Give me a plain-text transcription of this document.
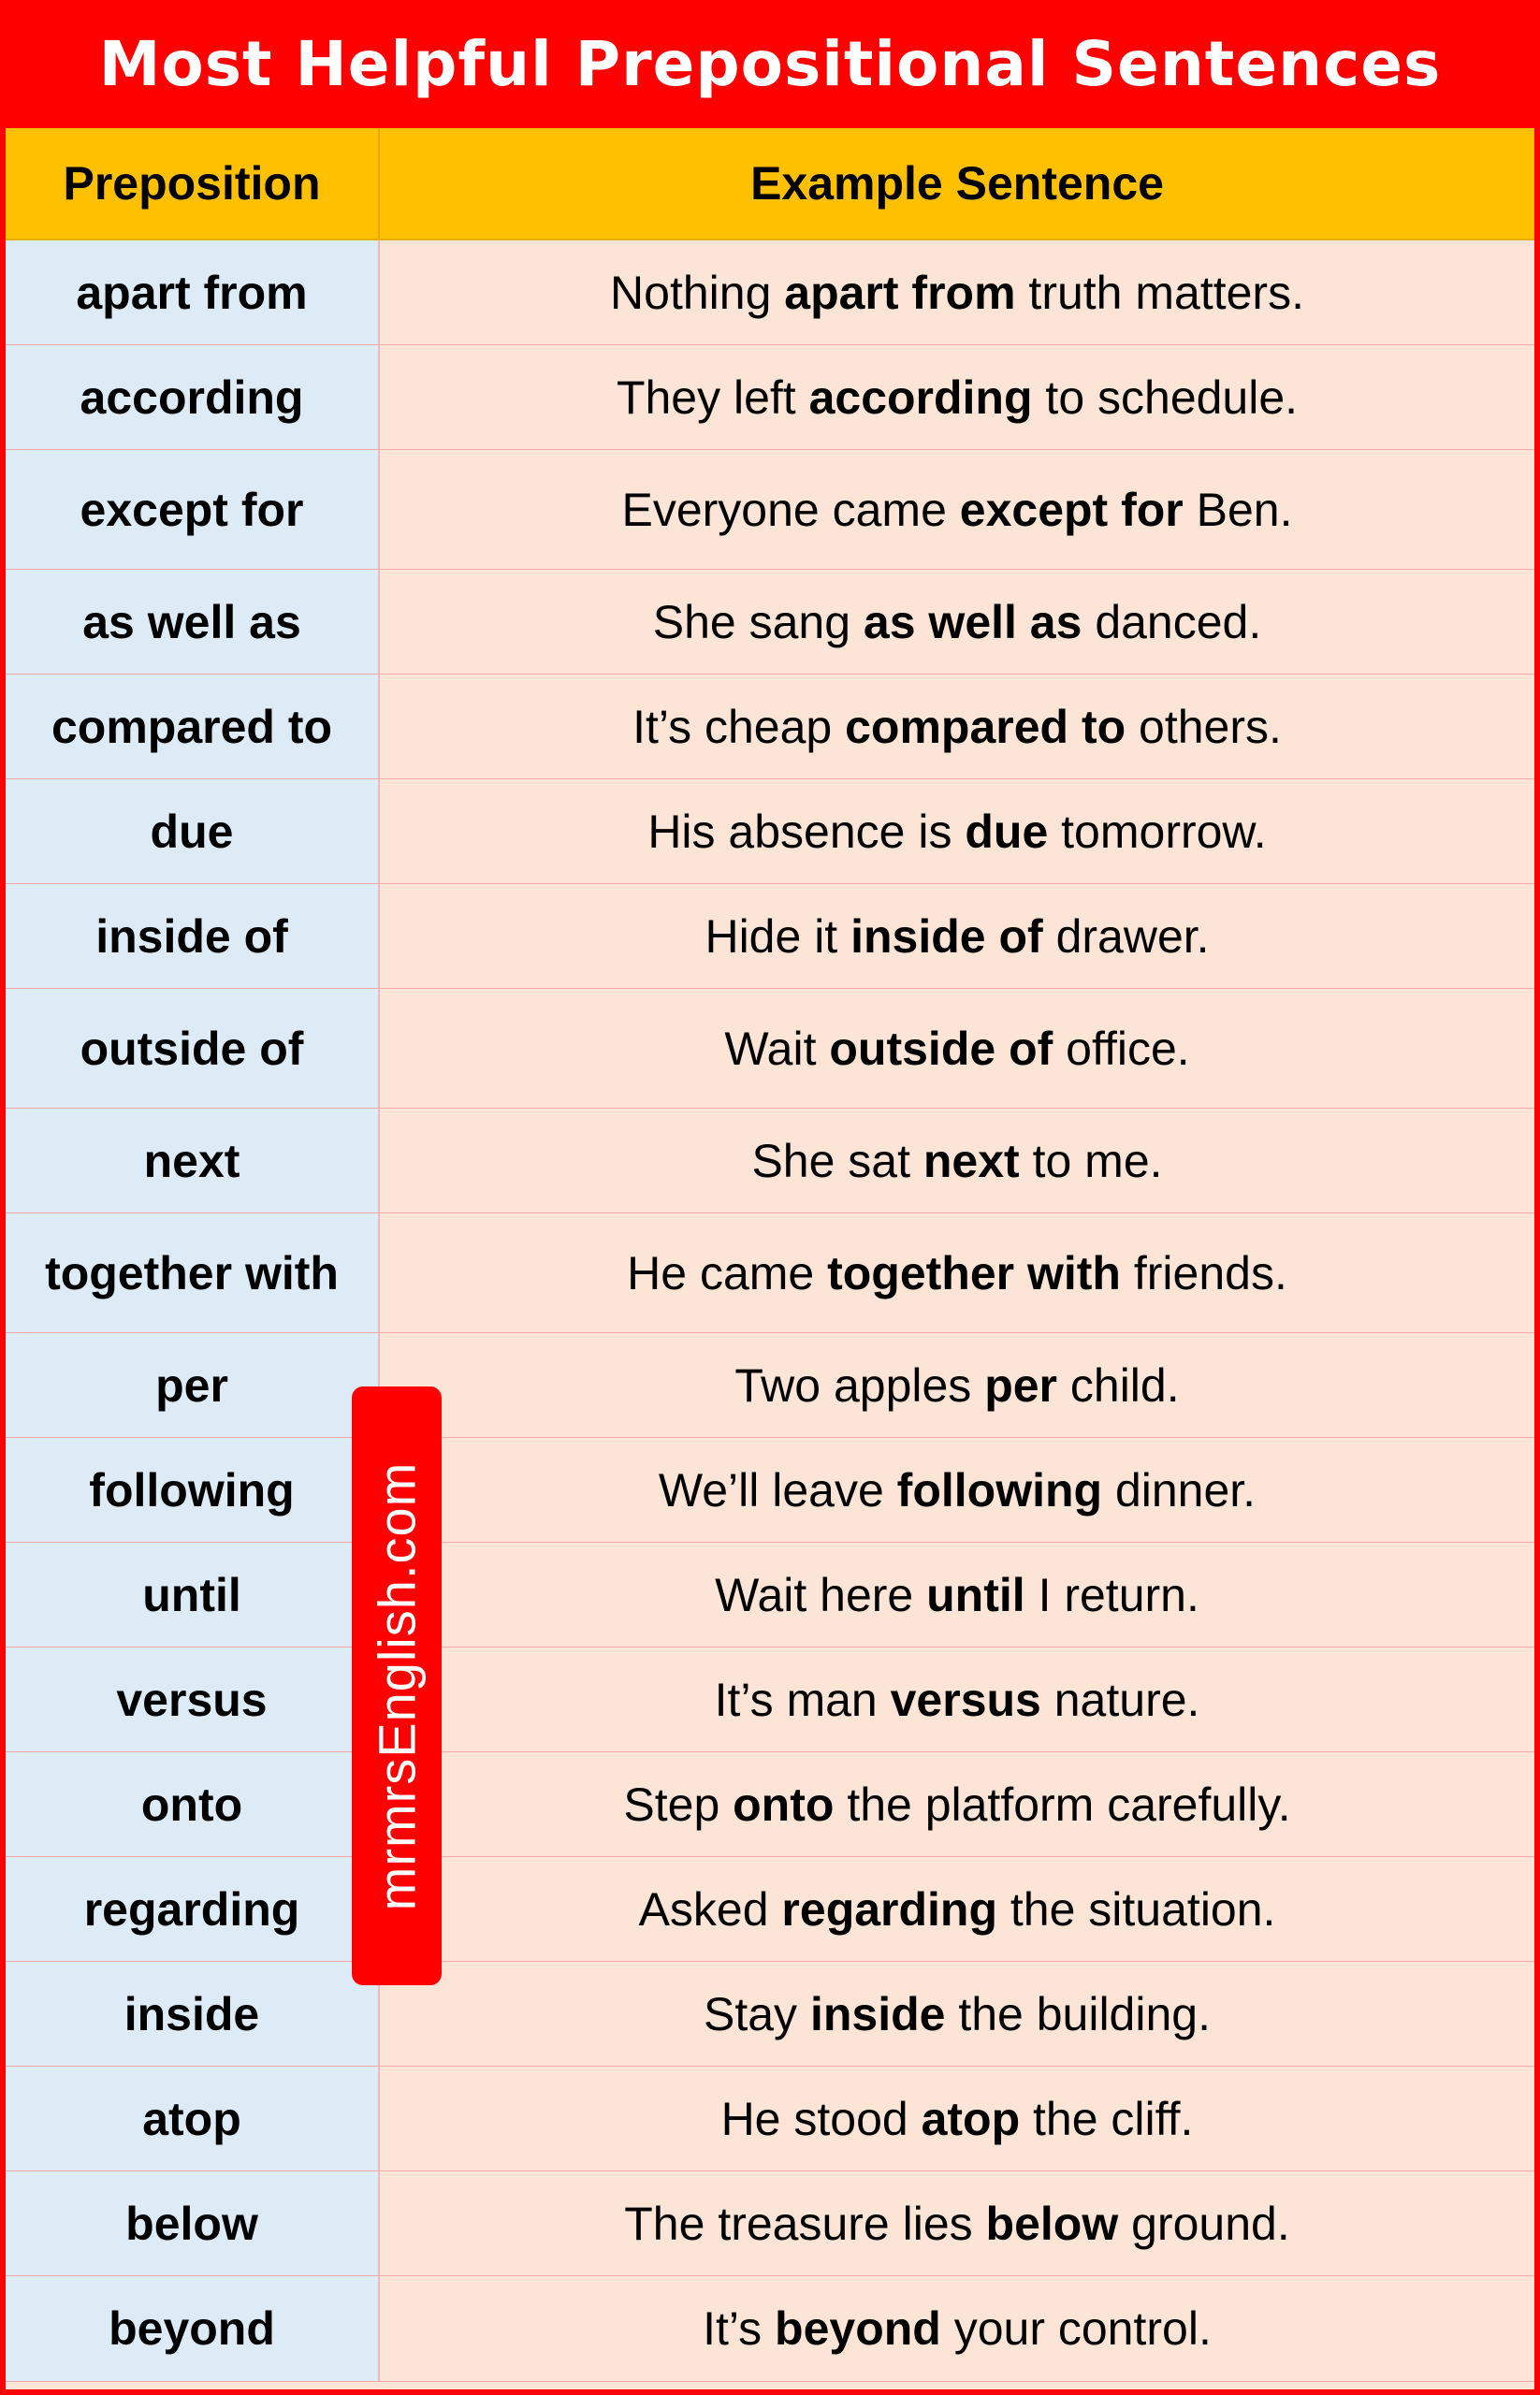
Most Helpful Prepositional Sentences
Preposition	Example Sentence
apart from	Nothing apart from truth matters.
according	They left according to schedule.
except for	Everyone came except for Ben.
as well as	She sang as well as danced.
compared to	It’s cheap compared to others.
due	His absence is due tomorrow.
inside of	Hide it inside of drawer.
outside of	Wait outside of office.
next	She sat next to me.
together with	He came together with friends.
per	Two apples per child.
following	We’ll leave following dinner.
until	Wait here until I return.
versus	It’s man versus nature.
onto	Step onto the platform carefully.
regarding	Asked regarding the situation.
inside	Stay inside the building.
atop	He stood atop the cliff.
below	The treasure lies below ground.
beyond	It’s beyond your control.
mrmrsEnglish.com
